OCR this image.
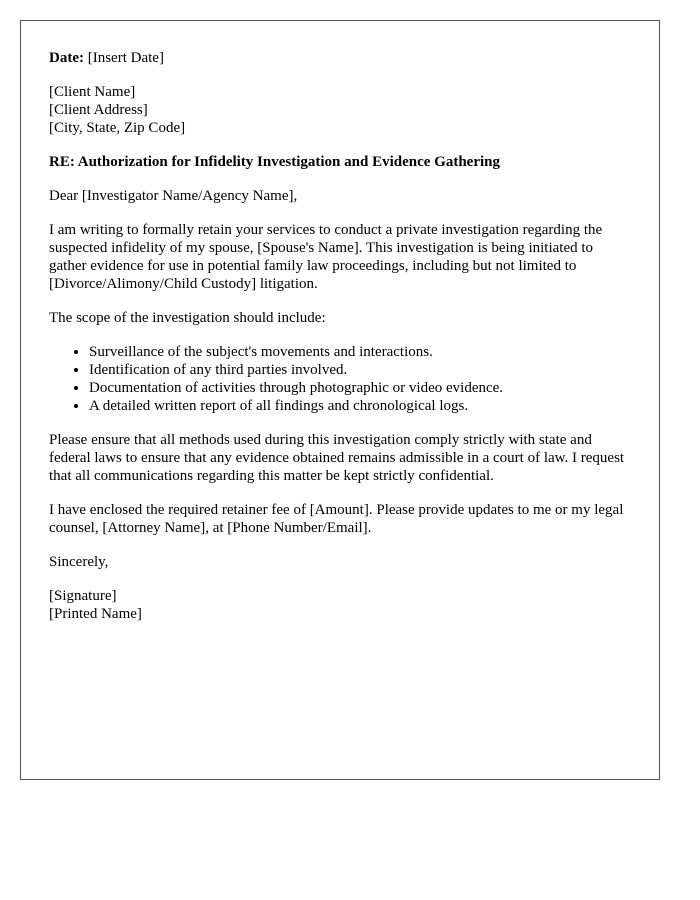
Date: [Insert Date]

[Client Name]
[Client Address]
[City, State, Zip Code]

RE: Authorization for Infidelity Investigation and Evidence Gathering

Dear [Investigator Name/Agency Name],

I am writing to formally retain your services to conduct a private investigation regarding the suspected infidelity of my spouse, [Spouse's Name]. This investigation is being initiated to gather evidence for use in potential family law proceedings, including but not limited to [Divorce/Alimony/Child Custody] litigation.

The scope of the investigation should include:

• Surveillance of the subject's movements and interactions.
• Identification of any third parties involved.
• Documentation of activities through photographic or video evidence.
• A detailed written report of all findings and chronological logs.

Please ensure that all methods used during this investigation comply strictly with state and federal laws to ensure that any evidence obtained remains admissible in a court of law. I request that all communications regarding this matter be kept strictly confidential.

I have enclosed the required retainer fee of [Amount]. Please provide updates to me or my legal counsel, [Attorney Name], at [Phone Number/Email].

Sincerely,

[Signature]
[Printed Name]
